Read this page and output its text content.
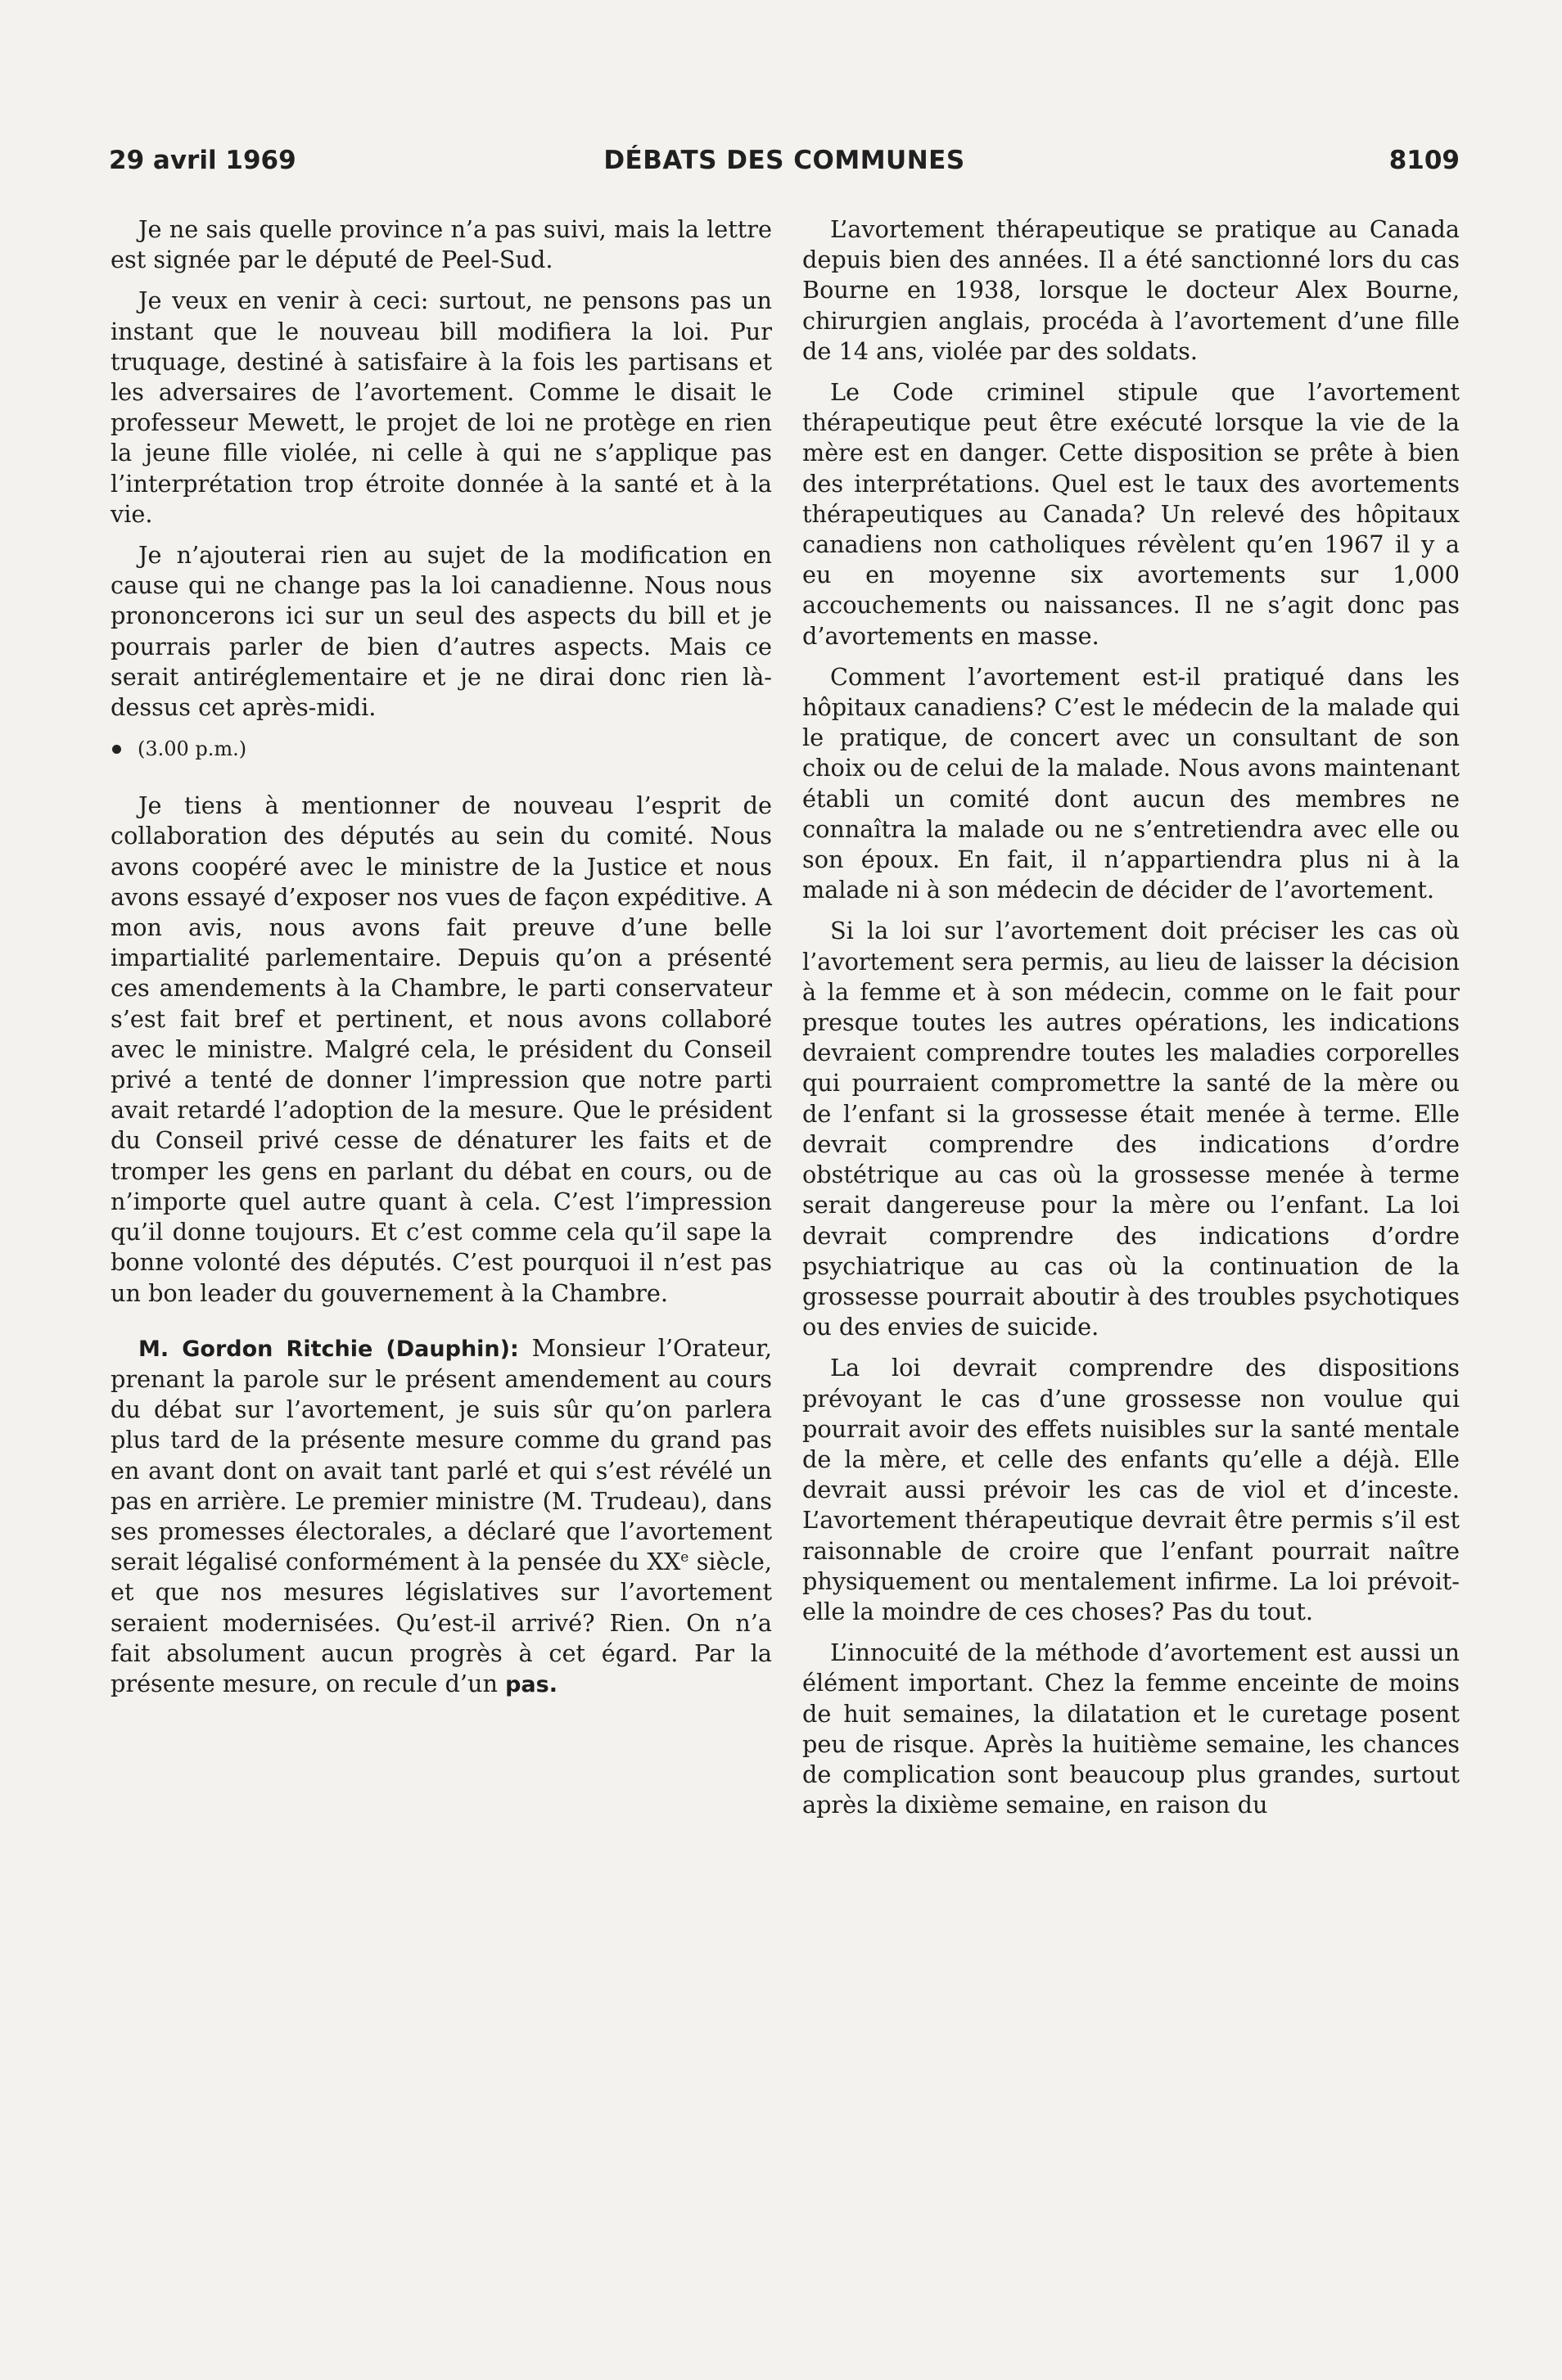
29 avril 1969	DÉBATS DES COMMUNES	8109

Je ne sais quelle province n’a pas suivi, mais la lettre est signée par le député de Peel-Sud.

Je veux en venir à ceci: surtout, ne pensons pas un instant que le nouveau bill modifiera la loi. Pur truquage, destiné à satisfaire à la fois les partisans et les adversaires de l’avortement. Comme le disait le professeur Mewett, le projet de loi ne protège en rien la jeune fille violée, ni celle à qui ne s’applique pas l’interprétation trop étroite donnée à la santé et à la vie.

Je n’ajouterai rien au sujet de la modification en cause qui ne change pas la loi canadienne. Nous nous prononcerons ici sur un seul des aspects du bill et je pourrais parler de bien d’autres aspects. Mais ce serait antiréglementaire et je ne dirai donc rien là-dessus cet après-midi.

(3.00 p.m.)

Je tiens à mentionner de nouveau l’esprit de collaboration des députés au sein du comité. Nous avons coopéré avec le ministre de la Justice et nous avons essayé d’exposer nos vues de façon expéditive. A mon avis, nous avons fait preuve d’une belle impartialité parlementaire. Depuis qu’on a présenté ces amendements à la Chambre, le parti conservateur s’est fait bref et pertinent, et nous avons collaboré avec le ministre. Malgré cela, le président du Conseil privé a tenté de donner l’impression que notre parti avait retardé l’adoption de la mesure. Que le président du Conseil privé cesse de dénaturer les faits et de tromper les gens en parlant du débat en cours, ou de n’importe quel autre quant à cela. C’est l’impression qu’il donne toujours. Et c’est comme cela qu’il sape la bonne volonté des députés. C’est pourquoi il n’est pas un bon leader du gouvernement à la Chambre.

M. Gordon Ritchie (Dauphin): Monsieur l’Orateur, prenant la parole sur le présent amendement au cours du débat sur l’avortement, je suis sûr qu’on parlera plus tard de la présente mesure comme du grand pas en avant dont on avait tant parlé et qui s’est révélé un pas en arrière. Le premier ministre (M. Trudeau), dans ses promesses électorales, a déclaré que l’avortement serait légalisé conformément à la pensée du XXe siècle, et que nos mesures législatives sur l’avortement seraient modernisées. Qu’est-il arrivé? Rien. On n’a fait absolument aucun progrès à cet égard. Par la présente mesure, on recule d’un pas.

L’avortement thérapeutique se pratique au Canada depuis bien des années. Il a été sanctionné lors du cas Bourne en 1938, lorsque le docteur Alex Bourne, chirurgien anglais, procéda à l’avortement d’une fille de 14 ans, violée par des soldats.

Le Code criminel stipule que l’avortement thérapeutique peut être exécuté lorsque la vie de la mère est en danger. Cette disposition se prête à bien des interprétations. Quel est le taux des avortements thérapeutiques au Canada? Un relevé des hôpitaux canadiens non catholiques révèlent qu’en 1967 il y a eu en moyenne six avortements sur 1,000 accouchements ou naissances. Il ne s’agit donc pas d’avortements en masse.

Comment l’avortement est-il pratiqué dans les hôpitaux canadiens? C’est le médecin de la malade qui le pratique, de concert avec un consultant de son choix ou de celui de la malade. Nous avons maintenant établi un comité dont aucun des membres ne connaîtra la malade ou ne s’entretiendra avec elle ou son époux. En fait, il n’appartiendra plus ni à la malade ni à son médecin de décider de l’avortement.

Si la loi sur l’avortement doit préciser les cas où l’avortement sera permis, au lieu de laisser la décision à la femme et à son médecin, comme on le fait pour presque toutes les autres opérations, les indications devraient comprendre toutes les maladies corporelles qui pourraient compromettre la santé de la mère ou de l’enfant si la grossesse était menée à terme. Elle devrait comprendre des indications d’ordre obstétrique au cas où la grossesse menée à terme serait dangereuse pour la mère ou l’enfant. La loi devrait comprendre des indications d’ordre psychiatrique au cas où la continuation de la grossesse pourrait aboutir à des troubles psychotiques ou des envies de suicide.

La loi devrait comprendre des dispositions prévoyant le cas d’une grossesse non voulue qui pourrait avoir des effets nuisibles sur la santé mentale de la mère, et celle des enfants qu’elle a déjà. Elle devrait aussi prévoir les cas de viol et d’inceste. L’avortement thérapeutique devrait être permis s’il est raisonnable de croire que l’enfant pourrait naître physiquement ou mentalement infirme. La loi prévoit-elle la moindre de ces choses? Pas du tout.

L’innocuité de la méthode d’avortement est aussi un élément important. Chez la femme enceinte de moins de huit semaines, la dilatation et le curetage posent peu de risque. Après la huitième semaine, les chances de complication sont beaucoup plus grandes, surtout après la dixième semaine, en raison du
